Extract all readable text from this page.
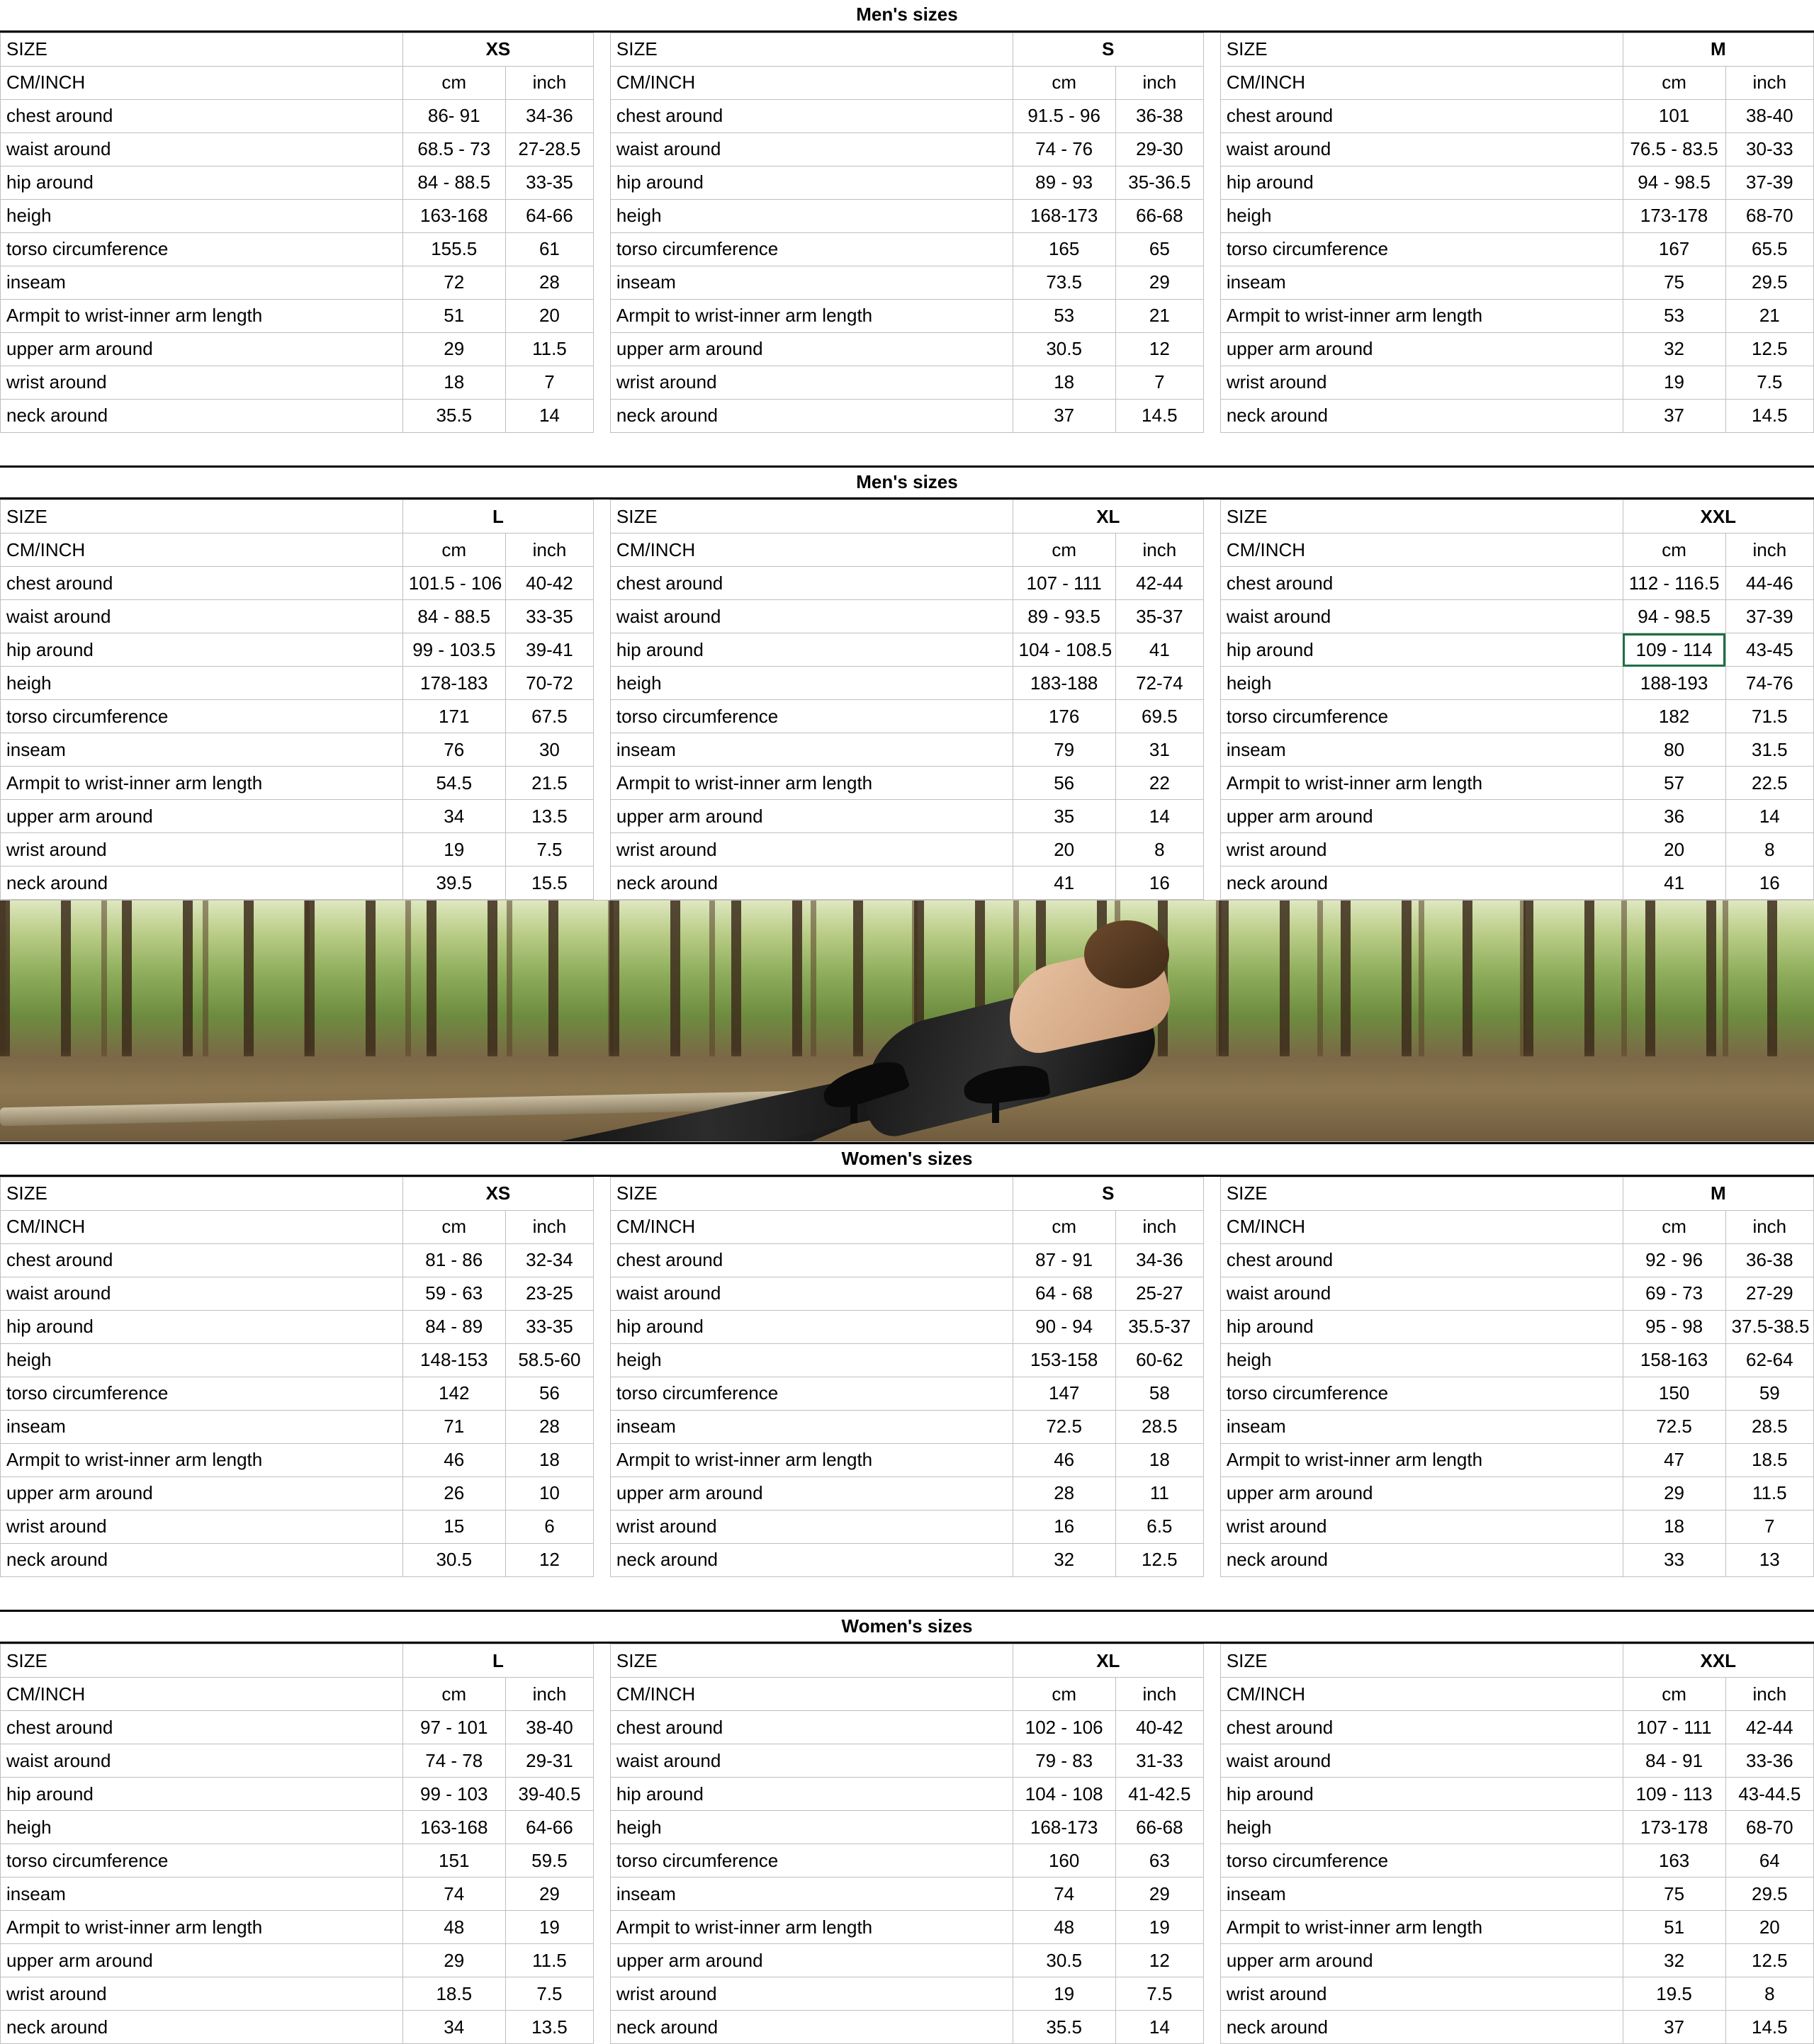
Men's sizes
SIZE	XS			SIZE	S			SIZE	M	
CM/INCH	cm	inch		CM/INCH	cm	inch		CM/INCH	cm	inch
chest around	86- 91	34-36		chest around	91.5 - 96	36-38		chest around	101	38-40
waist around	68.5 - 73	27-28.5		waist around	74 - 76	29-30		waist around	76.5 - 83.5	30-33
hip around	84 - 88.5	33-35		hip around	89 - 93	35-36.5		hip around	94 - 98.5	37-39
heigh	163-168	64-66		heigh	168-173	66-68		heigh	173-178	68-70
torso circumference	155.5	61		torso circumference	165	65		torso circumference	167	65.5
inseam	72	28		inseam	73.5	29		inseam	75	29.5
Armpit to wrist-inner arm length	51	20		Armpit to wrist-inner arm length	53	21		Armpit to wrist-inner arm length	53	21
upper arm around	29	11.5		upper arm around	30.5	12		upper arm around	32	12.5
wrist around	18	7		wrist around	18	7		wrist around	19	7.5
neck around	35.5	14		neck around	37	14.5		neck around	37	14.5

Men's sizes
SIZE	L			SIZE	XL			SIZE	XXL	
CM/INCH	cm	inch		CM/INCH	cm	inch		CM/INCH	cm	inch
chest around	101.5 - 106	40-42		chest around	107 - 111	42-44		chest around	112 - 116.5	44-46
waist around	84 - 88.5	33-35		waist around	89 - 93.5	35-37		waist around	94 - 98.5	37-39
hip around	99 - 103.5	39-41		hip around	104 - 108.5	41		hip around	109 - 114	43-45
heigh	178-183	70-72		heigh	183-188	72-74		heigh	188-193	74-76
torso circumference	171	67.5		torso circumference	176	69.5		torso circumference	182	71.5
inseam	76	30		inseam	79	31		inseam	80	31.5
Armpit to wrist-inner arm length	54.5	21.5		Armpit to wrist-inner arm length	56	22		Armpit to wrist-inner arm length	57	22.5
upper arm around	34	13.5		upper arm around	35	14		upper arm around	36	14
wrist around	19	7.5		wrist around	20	8		wrist around	20	8
neck around	39.5	15.5		neck around	41	16		neck around	41	16
Women's sizes
SIZE	XS			SIZE	S			SIZE	M	
CM/INCH	cm	inch		CM/INCH	cm	inch		CM/INCH	cm	inch
chest around	81 - 86	32-34		chest around	87 - 91	34-36		chest around	92 - 96	36-38
waist around	59 - 63	23-25		waist around	64 - 68	25-27		waist around	69 - 73	27-29
hip around	84 - 89	33-35		hip around	90 - 94	35.5-37		hip around	95 - 98	37.5-38.5
heigh	148-153	58.5-60		heigh	153-158	60-62		heigh	158-163	62-64
torso circumference	142	56		torso circumference	147	58		torso circumference	150	59
inseam	71	28		inseam	72.5	28.5		inseam	72.5	28.5
Armpit to wrist-inner arm length	46	18		Armpit to wrist-inner arm length	46	18		Armpit to wrist-inner arm length	47	18.5
upper arm around	26	10		upper arm around	28	11		upper arm around	29	11.5
wrist around	15	6		wrist around	16	6.5		wrist around	18	7
neck around	30.5	12		neck around	32	12.5		neck around	33	13

Women's sizes
SIZE	L			SIZE	XL			SIZE	XXL	
CM/INCH	cm	inch		CM/INCH	cm	inch		CM/INCH	cm	inch
chest around	97 - 101	38-40		chest around	102 - 106	40-42		chest around	107 - 111	42-44
waist around	74 - 78	29-31		waist around	79 - 83	31-33		waist around	84 - 91	33-36
hip around	99 - 103	39-40.5		hip around	104 - 108	41-42.5		hip around	109 - 113	43-44.5
heigh	163-168	64-66		heigh	168-173	66-68		heigh	173-178	68-70
torso circumference	151	59.5		torso circumference	160	63		torso circumference	163	64
inseam	74	29		inseam	74	29		inseam	75	29.5
Armpit to wrist-inner arm length	48	19		Armpit to wrist-inner arm length	48	19		Armpit to wrist-inner arm length	51	20
upper arm around	29	11.5		upper arm around	30.5	12		upper arm around	32	12.5
wrist around	18.5	7.5		wrist around	19	7.5		wrist around	19.5	8
neck around	34	13.5		neck around	35.5	14		neck around	37	14.5
